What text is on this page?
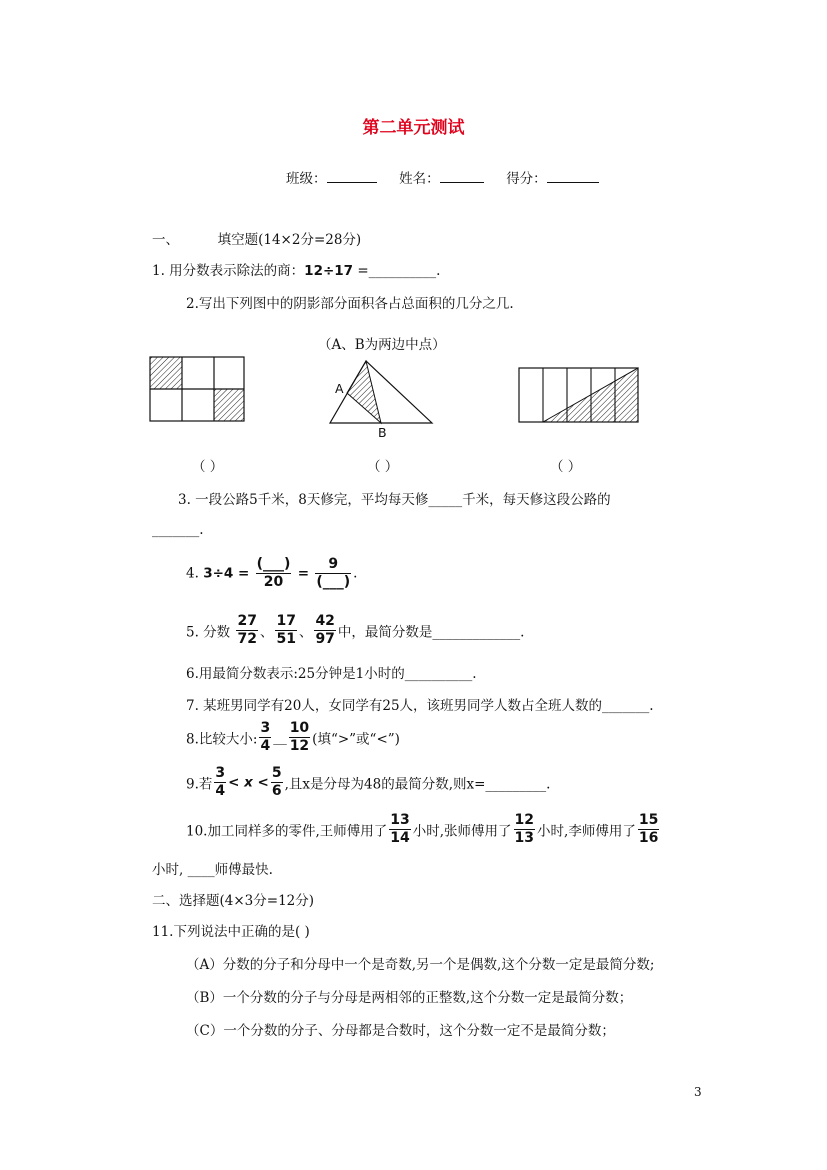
第二单元测试
班级：	姓名：	得分：
一、	填空题(14×2分=28分)
1. 用分数表示除法的商：12÷17 =__________.
2.写出下列图中的阴影部分面积各占总面积的几分之几.
（A、B为两边中点）
A
B
（ ）	（ ）	（ ）
3. 一段公路5千米，8天修完，平均每天修_____千米，每天修这段公路的
_______.
4. $3\div 4 = \frac{(\_\_\_)}{20} = \frac{9}{(\_\_\_)}$ .
5. 分数 $\frac{27}{72}$ 、 $\frac{17}{51}$ 、 $\frac{42}{97}$ 中，最简分数是_____________.
6.用最简分数表示:25分钟是1小时的__________.
7. 某班男同学有20人，女同学有25人，该班男同学人数占全班人数的_______.
8.比较大小: $\frac{3}{4}$ __ $\frac{10}{12}$ (填“>”或“<”)
9.若 $\frac{3}{4} < x < \frac{5}{6}$ ,且x是分母为48的最简分数,则x=_________.
10.加工同样多的零件,王师傅用了 $\frac{13}{14}$ 小时,张师傅用了 $\frac{12}{13}$ 小时,李师傅用了 $\frac{15}{16}$
小时, ____师傅最快.
二、选择题(4×3分=12分)
11.下列说法中正确的是( )
（A）分数的分子和分母中一个是奇数,另一个是偶数,这个分数一定是最简分数;
（B）一个分数的分子与分母是两相邻的正整数,这个分数一定是最简分数；
（C）一个分数的分子、分母都是合数时，这个分数一定不是最简分数；
3
